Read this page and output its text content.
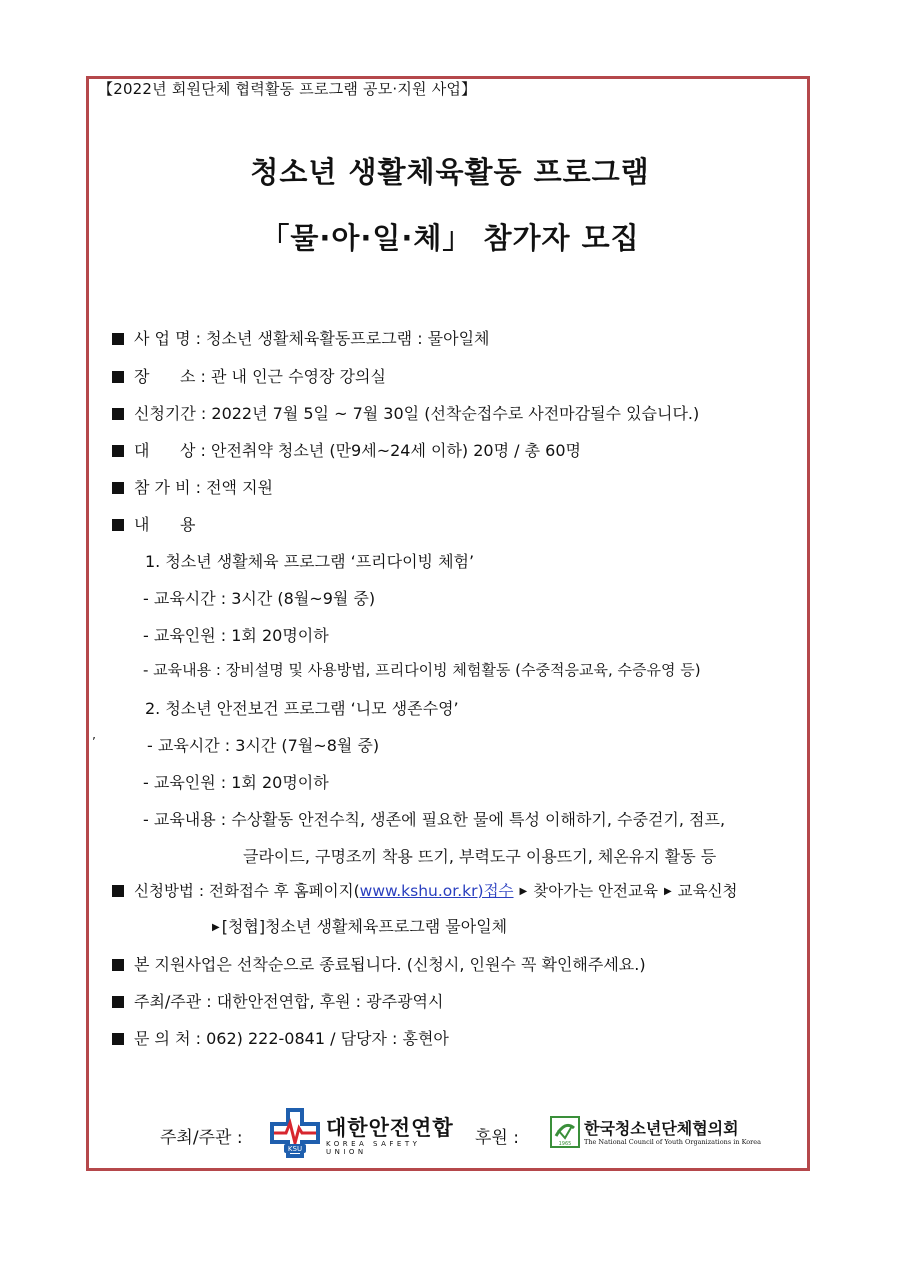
【2022년 회원단체 협력활동 프로그램 공모·지원 사업】
청소년 생활체육활동 프로그램
「물·아·일·체」 참가자 모집
사 업 명 : 청소년 생활체육활동프로그램 : 물아일체
장      소 : 관 내 인근 수영장 강의실
신청기간 : 2022년 7월 5일 ~ 7월 30일 (선착순접수로 사전마감될수 있습니다.)
대      상 : 안전취약 청소년 (만9세~24세 이하) 20명 / 총 60명
참 가 비 : 전액 지원
내      용
1. 청소년 생활체육 프로그램 ‘프리다이빙 체험’
- 교육시간 : 3시간 (8월~9월 중)
- 교육인원 : 1회 20명이하
- 교육내용 : 장비설명 및 사용방법, 프리다이빙 체험활동 (수중적응교육, 수증유영 등)
2. 청소년 안전보건 프로그램 ‘니모 생존수영’
’	- 교육시간 : 3시간 (7월~8월 중)
- 교육인원 : 1회 20명이하
- 교육내용 : 수상활동 안전수칙, 생존에 필요한 물에 특성 이해하기, 수중걷기, 점프,
글라이드, 구명조끼 착용 뜨기, 부력도구 이용뜨기, 체온유지 활동 등
신청방법 : 전화접수 후 홈페이지(www.kshu.or.kr)접수 ▶ 찾아가는 안전교육 ▶ 교육신청
▶ [청협]청소년 생활체육프로그램 물아일체
본 지원사업은 선착순으로 종료됩니다. (신청시, 인원수 꼭 확인해주세요.)
주최/주관 : 대한안전연합, 후원 : 광주광역시
문 의 처 : 062) 222-0841 / 담당자 : 홍현아
주최/주관 :
KSU
대한안전연합
KOREA SAFETY UNION
후원 :	1965
한국청소년단체협의회
The National Council of Youth Organizations in Korea
